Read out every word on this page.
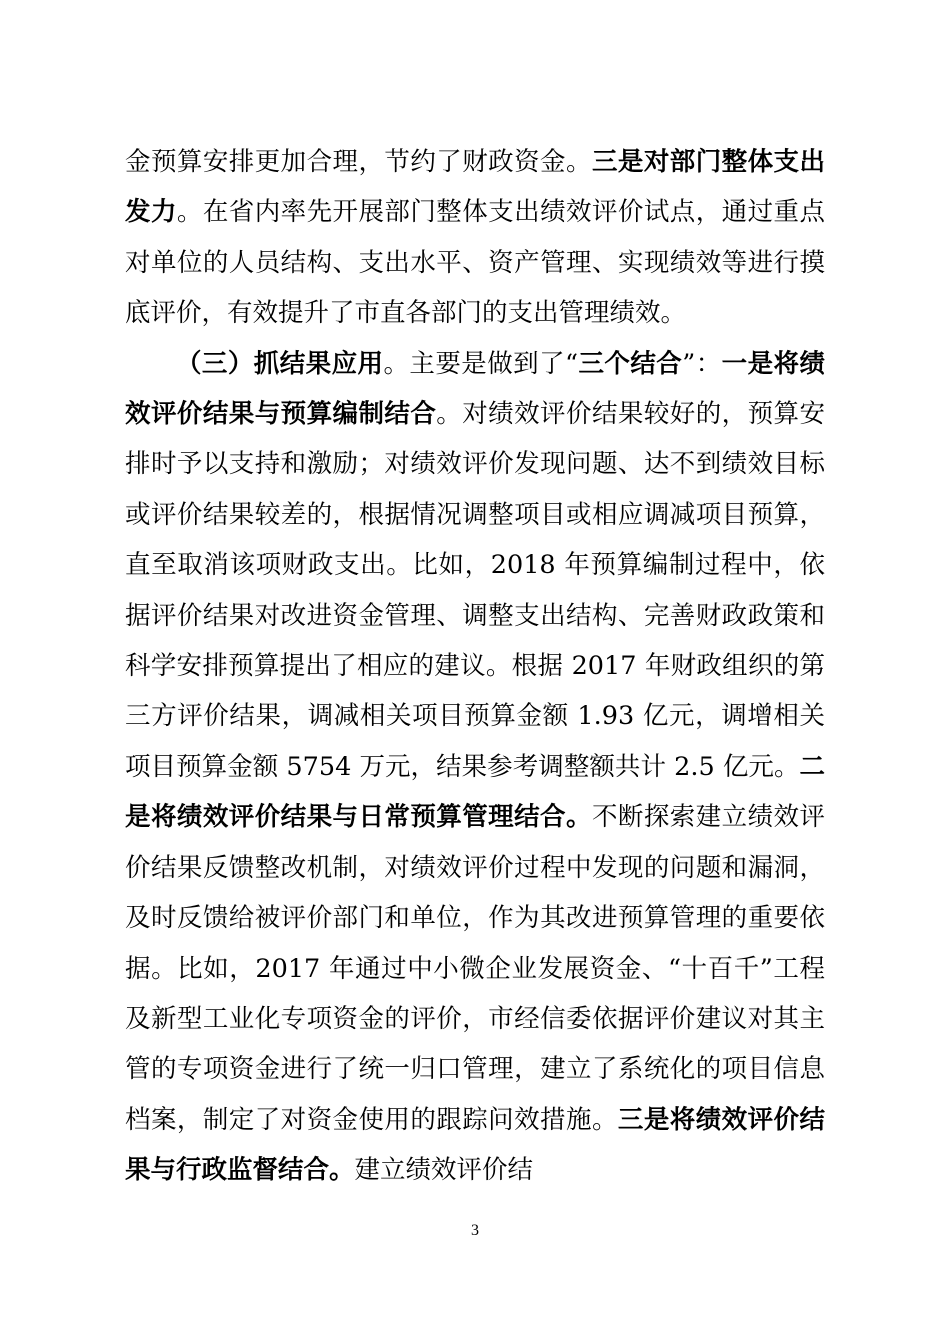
金预算安排更加合理，节约了财政资金。三是对部门整体支出发力。在省内率先开展部门整体支出绩效评价试点，通过重点对单位的人员结构、支出水平、资产管理、实现绩效等进行摸底评价，有效提升了市直各部门的支出管理绩效。

（三）抓结果应用。主要是做到了“三个结合”：一是将绩效评价结果与预算编制结合。对绩效评价结果较好的，预算安排时予以支持和激励；对绩效评价发现问题、达不到绩效目标或评价结果较差的，根据情况调整项目或相应调减项目预算，直至取消该项财政支出。比如，2018 年预算编制过程中，依据评价结果对改进资金管理、调整支出结构、完善财政政策和科学安排预算提出了相应的建议。根据 2017 年财政组织的第三方评价结果，调减相关项目预算金额 1.93 亿元，调增相关项目预算金额 5754 万元，结果参考调整额共计 2.5 亿元。二是将绩效评价结果与日常预算管理结合。不断探索建立绩效评价结果反馈整改机制，对绩效评价过程中发现的问题和漏洞，及时反馈给被评价部门和单位，作为其改进预算管理的重要依据。比如，2017 年通过中小微企业发展资金、“十百千”工程及新型工业化专项资金的评价，市经信委依据评价建议对其主管的专项资金进行了统一归口管理，建立了系统化的项目信息档案，制定了对资金使用的跟踪问效措施。三是将绩效评价结果与行政监督结合。建立绩效评价结

3
